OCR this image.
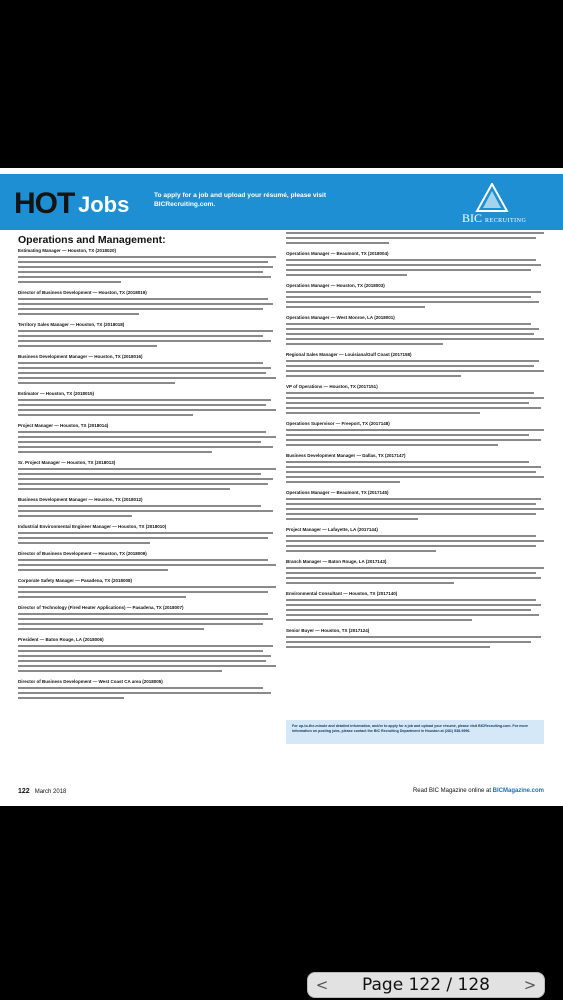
HOT Jobs	To apply for a job and upload your résumé, please visit BICRecruiting.com.
BIC RECRUITING
Operations and Management:
Estimating Manager — Houston, TX (2018020)
Director of Business Development — Houston, TX (2018019)
Territory Sales Manager — Houston, TX (2018018)
Business Development Manager — Houston, TX (2018016)
Estimator — Houston, TX (2018015)
Project Manager — Houston, TX (2018014)
Sr. Project Manager — Houston, TX (2018013)
Business Development Manager — Houston, TX (2018012)
Industrial Environmental Engineer Manager — Houston, TX (2018010)
Director of Business Development — Houston, TX (2018009)
Corporate Safety Manager — Pasadena, TX (2018008)
Director of Technology (Fired Heater Applications) — Pasadena, TX (2018007)
President — Baton Rouge, LA (2018006)
Director of Business Development — West Coast CA area (2018005)
Operations Manager — Beaumont, TX (2018004)
Operations Manager — Houston, TX (2018003)
Operations Manager — West Monroe, LA (2018001)
Regional Sales Manager — Louisiana/Gulf Coast (2017158)
VP of Operations — Houston, TX (2017151)
Operations Supervisor — Freeport, TX (2017148)
Business Development Manager — Dallas, TX (2017147)
Operations Manager — Beaumont, TX (2017145)
Project Manager — Lafayette, LA (2017144)
Branch Manager — Baton Rouge, LA (2017143)
Environmental Consultant — Houston, TX (2017140)
Senior Buyer — Houston, TX (2017124)
For up-to-the-minute and detailed information, and/or to apply for a job and upload your résumé, please visit BICRecruiting.com. For more information on posting jobs, please contact the BIC Recruiting Department in Houston at (281) 538-9996.
122 March 2018	Read BIC Magazine online at BICMagazine.com
<	Page 122 / 128	>
